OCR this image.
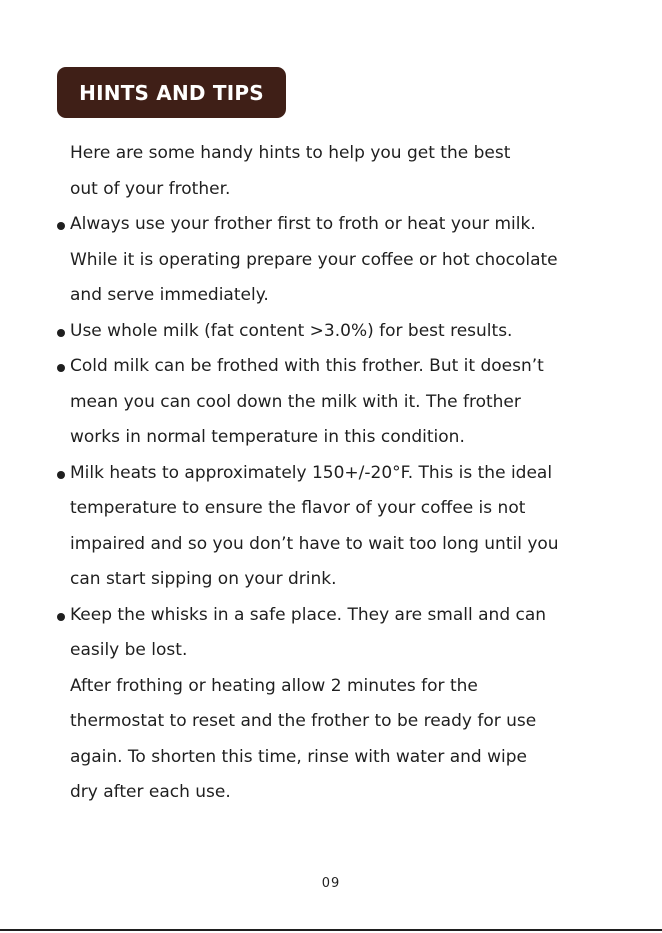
HINTS AND TIPS
Here are some handy hints to help you get the best
out of your frother.
Always use your frother first to froth or heat your milk.
While it is operating prepare your coffee or hot chocolate
and serve immediately.
Use whole milk (fat content >3.0%) for best results.
Cold milk can be frothed with this frother. But it doesn’t
mean you can cool down the milk with it. The frother
works in normal temperature in this condition.
Milk heats to approximately 150+/-20°F. This is the ideal
temperature to ensure the flavor of your coffee is not
impaired and so you don’t have to wait too long until you
can start sipping on your drink.
Keep the whisks in a safe place. They are small and can
easily be lost.
After frothing or heating allow 2 minutes for the
thermostat to reset and the frother to be ready for use
again. To shorten this time, rinse with water and wipe
dry after each use.
09
